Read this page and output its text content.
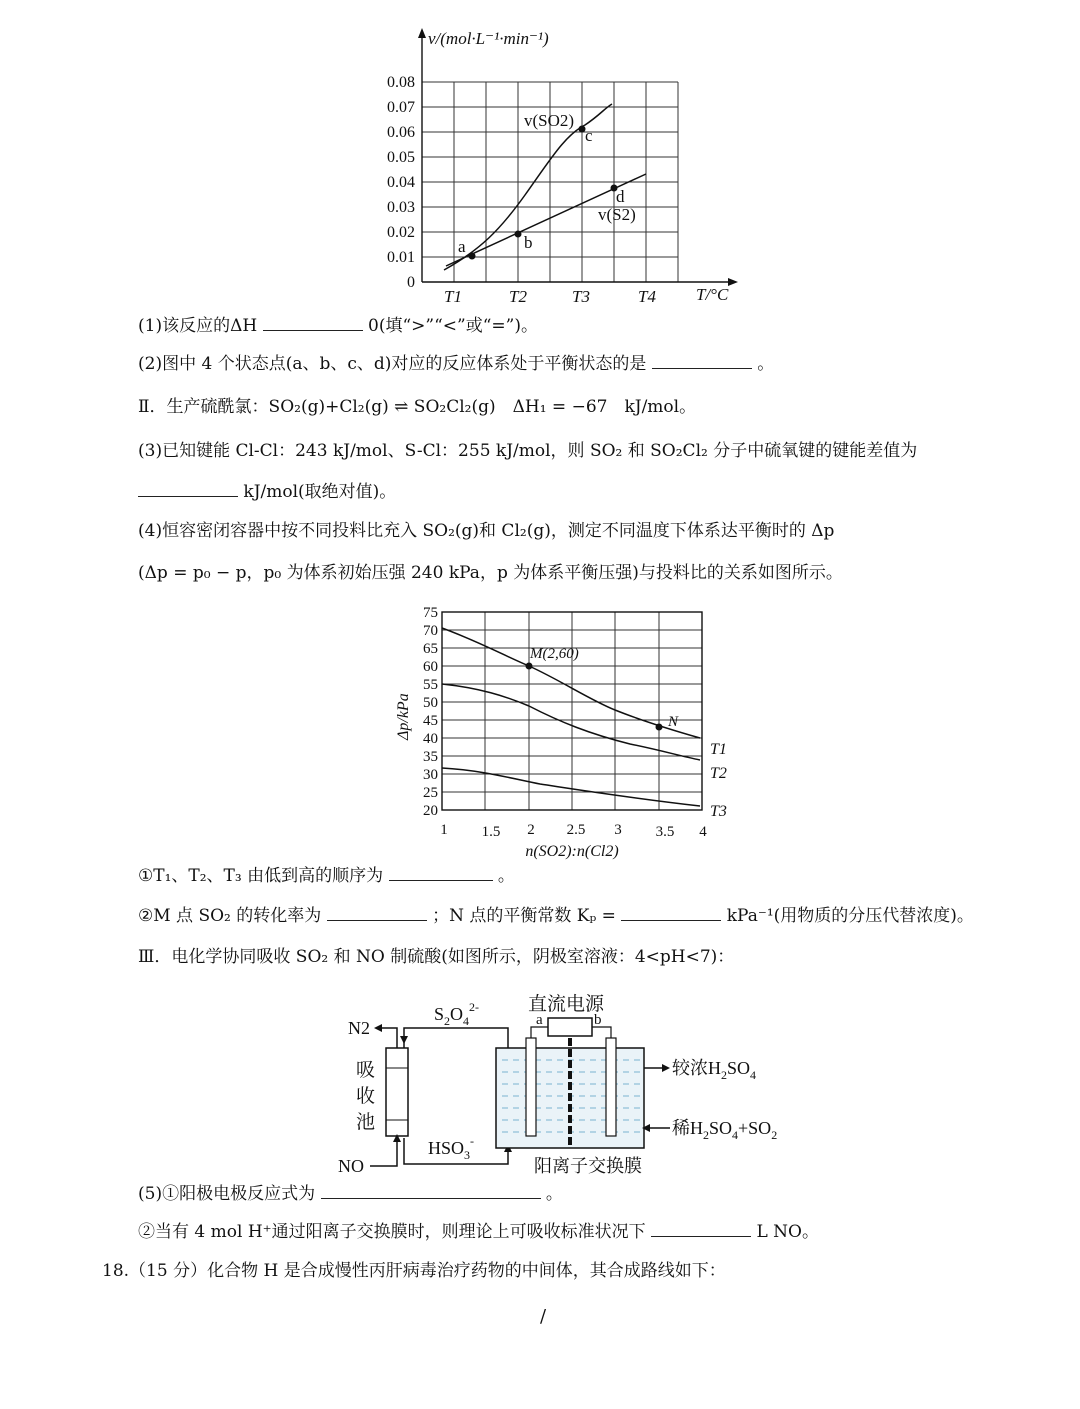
v/(mol·L⁻¹·min⁻¹)
0.08
0.07
0.06
0.05
0.04
0.03
0.02
0.01
0
T1	T2	T3	T4 T/°C
a	b
c
d
v(SO2)
v(S2)
(1)该反应的ΔH	0(填“>”“<”或“=”)。
(2)图中 4 个状态点(a、b、c、d)对应的反应体系处于平衡状态的是	。
Ⅱ．生产硫酰氯：SO₂(g)+Cl₂(g) ⇌ SO₂Cl₂(g)　ΔH₁ = −67　kJ/mol。
(3)已知键能 Cl-Cl：243 kJ/mol、S-Cl：255 kJ/mol，则 SO₂ 和 SO₂Cl₂ 分子中硫氧键的键能差值为
kJ/mol(取绝对值)。
(4)恒容密闭容器中按不同投料比充入 SO₂(g)和 Cl₂(g)，测定不同温度下体系达平衡时的 Δp
(Δp = p₀ − p，p₀ 为体系初始压强 240 kPa，p 为体系平衡压强)与投料比的关系如图所示。
Δp/kPa
75
70
65
60
55
50
45
40
35
30
25
20
1 1.5 2 2.5 3 3.5 4
n(SO2):n(Cl2)
M(2,60)
N
T1
T2
T3
①T₁、T₂、T₃ 由低到高的顺序为	。
②M 点 SO₂ 的转化率为	；N 点的平衡常数 Kₚ =	kPa⁻¹(用物质的分压代替浓度)。
Ⅲ．电化学协同吸收 SO₂ 和 NO 制硫酸(如图所示，阴极室溶液：4<pH<7)：
吸
收
池
N2
NO
$S_2O_4^{2-}$
$HSO_3^-$
直流电源
a	b
较浓$H_2SO_4$
稀$H_2SO_4+SO_2$
阳离子交换膜
(5)①阳极电极反应式为	。
②当有 4 mol H⁺通过阳离子交换膜时，则理论上可吸收标准状况下	L NO。
18.（15 分）化合物 H 是合成慢性丙肝病毒治疗药物的中间体，其合成路线如下：
/
